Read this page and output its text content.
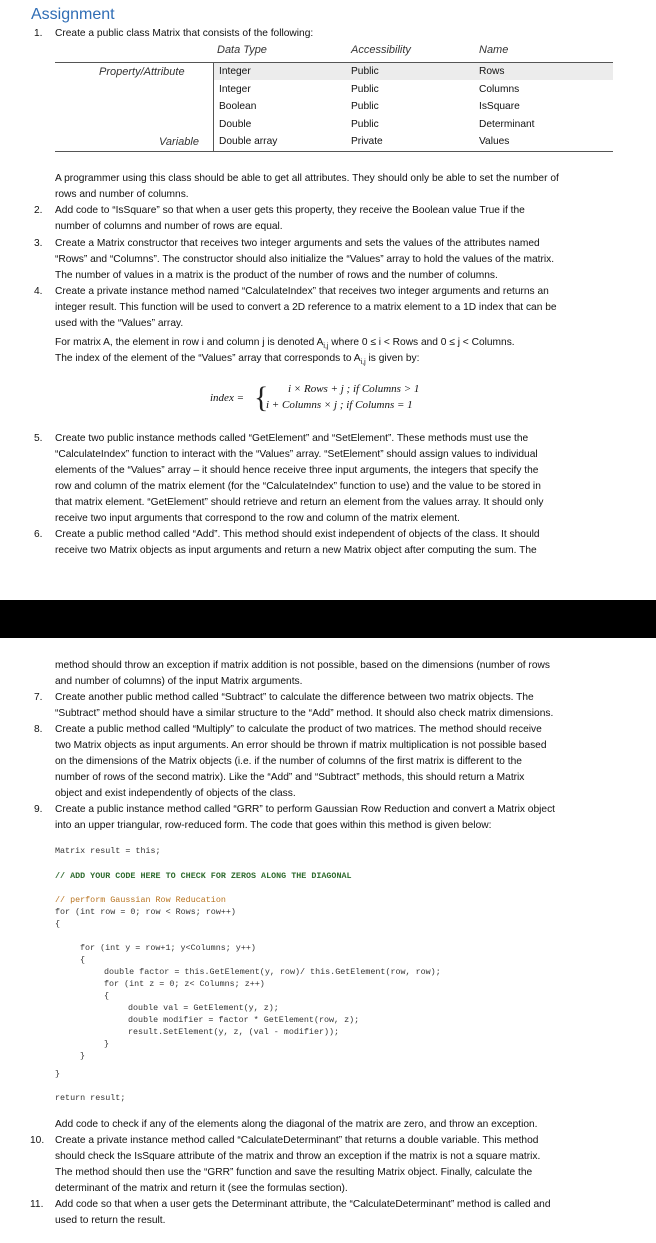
Assignment
1. Create a public class Matrix that consists of the following:
Data Type	Accessibility	Name
Property/Attribute
Variable
Integer	Public	Rows
Integer	Public	Columns
Boolean	Public	IsSquare
Double	Public	Determinant
Double array	Private	Values
A programmer using this class should be able to get all attributes. They should only be able to set the number of
rows and number of columns.
2. Add code to “IsSquare” so that when a user gets this property, they receive the Boolean value True if the
number of columns and number of rows are equal.
3. Create a Matrix constructor that receives two integer arguments and sets the values of the attributes named
“Rows” and “Columns”. The constructor should also initialize the “Values” array to hold the values of the matrix.
The number of values in a matrix is the product of the number of rows and the number of columns.
4. Create a private instance method named “CalculateIndex” that receives two integer arguments and returns an
integer result. This function will be used to convert a 2D reference to a matrix element to a 1D index that can be
used with the “Values” array.
For matrix A, the element in row i and column j is denoted $A_{i,j}$ where 0 ≤ i < Rows and 0 ≤ j < Columns.
The index of the element of the “Values” array that corresponds to $A_{i,j}$ is given by:
index = { i × Rows + j ; if Columns > 1
i + Columns × j ; if Columns = 1
5. Create two public instance methods called “GetElement” and “SetElement”. These methods must use the
“CalculateIndex” function to interact with the “Values” array. “SetElement” should assign values to individual
elements of the “Values” array – it should hence receive three input arguments, the integers that specify the
row and column of the matrix element (for the “CalculateIndex” function to use) and the value to be stored in
that matrix element. “GetElement” should retrieve and return an element from the values array. It should only
receive two input arguments that correspond to the row and column of the matrix element.
6. Create a public method called “Add”. This method should exist independent of objects of the class. It should
receive two Matrix objects as input arguments and return a new Matrix object after computing the sum. The
method should throw an exception if matrix addition is not possible, based on the dimensions (number of rows
and number of columns) of the input Matrix arguments.
7. Create another public method called “Subtract” to calculate the difference between two matrix objects. The
“Subtract” method should have a similar structure to the “Add” method. It should also check matrix dimensions.
8. Create a public method called “Multiply” to calculate the product of two matrices. The method should receive
two Matrix objects as input arguments. An error should be thrown if matrix multiplication is not possible based
on the dimensions of the Matrix objects (i.e. if the number of columns of the first matrix is different to the
number of rows of the second matrix). Like the “Add” and “Subtract” methods, this should return a Matrix
object and exist independently of objects of the class.
9. Create a public instance method called “GRR” to perform Gaussian Row Reduction and convert a Matrix object
into an upper triangular, row-reduced form. The code that goes within this method is given below:
Matrix result = this;
// ADD YOUR CODE HERE TO CHECK FOR ZEROS ALONG THE DIAGONAL
// perform Gaussian Row Reducation
for (int row = 0; row < Rows; row++)
{
for (int y = row+1; y<Columns; y++)
{
double factor = this.GetElement(y, row)/ this.GetElement(row, row);
for (int z = 0; z< Columns; z++)
{
double val = GetElement(y, z);
double modifier = factor * GetElement(row, z);
result.SetElement(y, z, (val - modifier));
}
}
}
return result;
Add code to check if any of the elements along the diagonal of the matrix are zero, and throw an exception.
10. Create a private instance method called “CalculateDeterminant” that returns a double variable. This method
should check the IsSquare attribute of the matrix and throw an exception if the matrix is not a square matrix.
The method should then use the “GRR” function and save the resulting Matrix object. Finally, calculate the
determinant of the matrix and return it (see the formulas section).
11. Add code so that when a user gets the Determinant attribute, the “CalculateDeterminant” method is called and
used to return the result.
